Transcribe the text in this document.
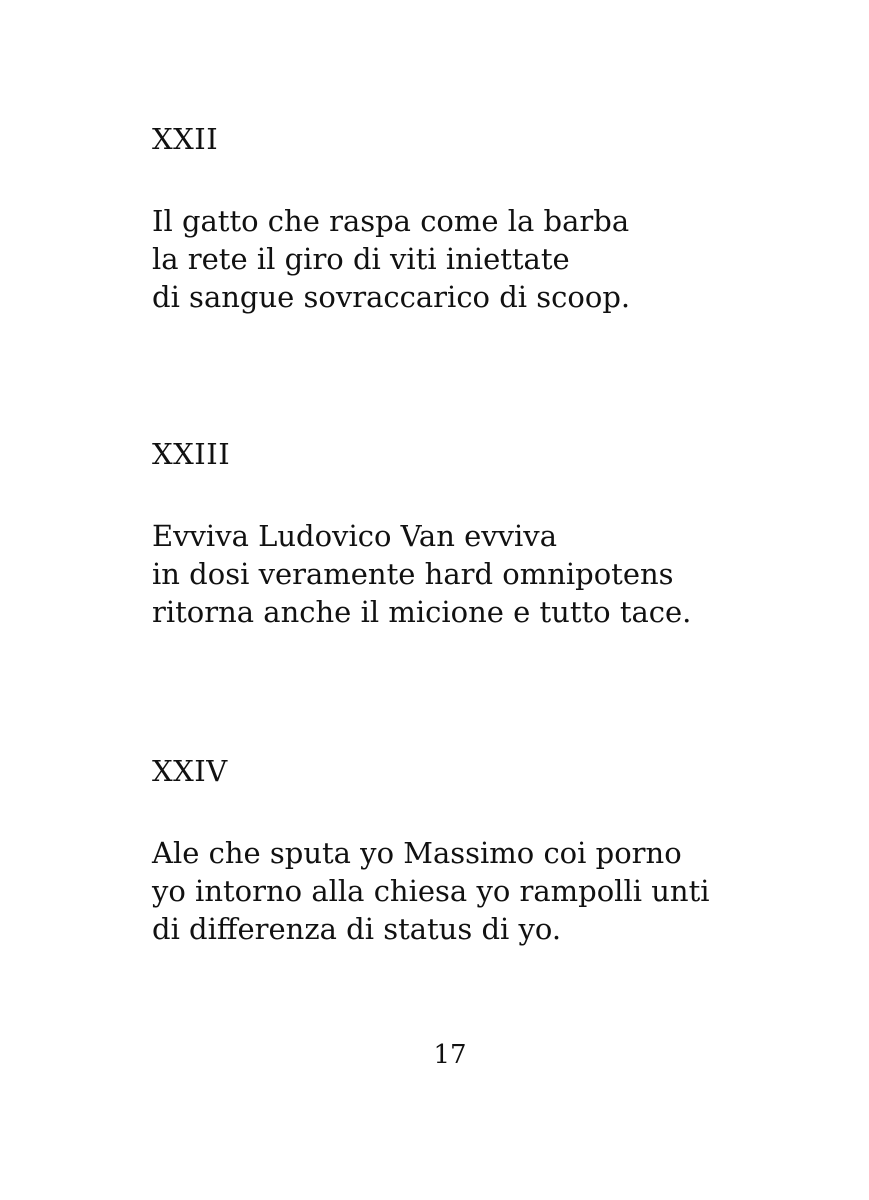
XXII
Il gatto che raspa come la barba
la rete il giro di viti iniettate
di sangue sovraccarico di scoop.
XXIII
Evviva Ludovico Van evviva
in dosi veramente hard omnipotens
ritorna anche il micione e tutto tace.
XXIV
Ale che sputa yo Massimo coi porno
yo intorno alla chiesa yo rampolli unti
di differenza di status di yo.
17
